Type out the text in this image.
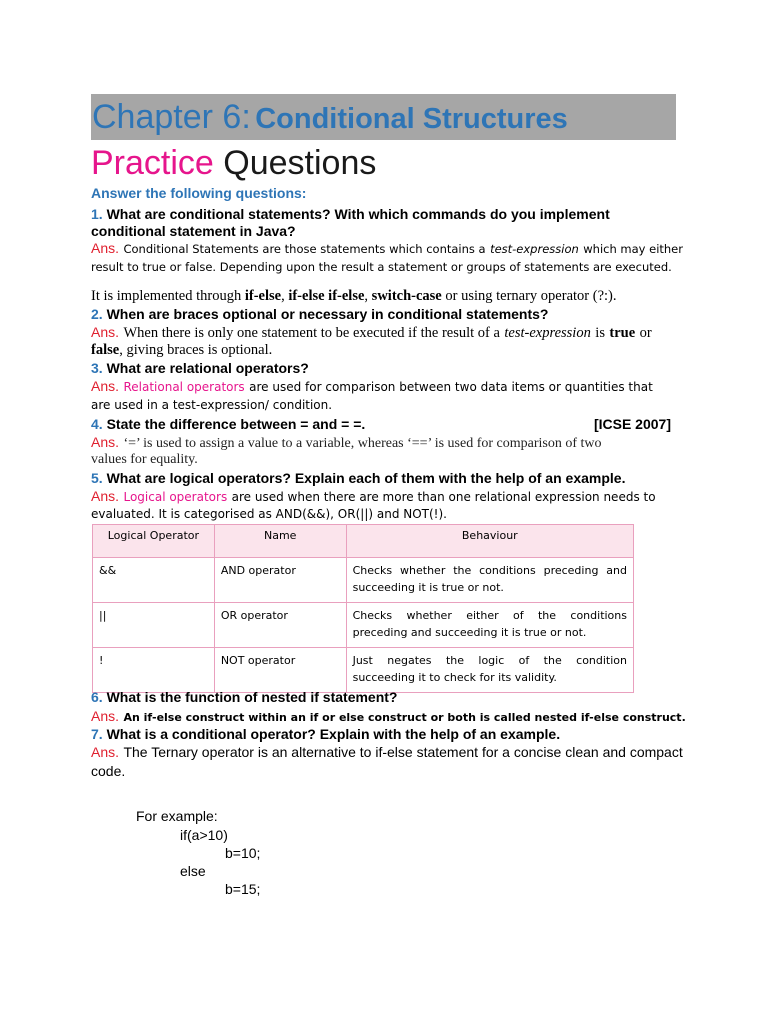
Chapter 6: Conditional Structures
Practice Questions
Answer the following questions:
1. What are conditional statements? With which commands do you implement
conditional statement in Java?
Ans. Conditional Statements are those statements which contains a test-expression which may either
result to true or false. Depending upon the result a statement or groups of statements are executed.
It is implemented through if-else, if-else if-else, switch-case or using ternary operator (?:).
2. When are braces optional or necessary in conditional statements?
Ans. When there is only one statement to be executed if the result of a test-expression is true or
false, giving braces is optional.
3. What are relational operators?
Ans. Relational operators are used for comparison between two data items or quantities that
are used in a test-expression/ condition.
4. State the difference between = and = =.	[ICSE 2007]
Ans. ‘=’ is used to assign a value to a variable, whereas ‘==’ is used for comparison of two
values for equality.
5. What are logical operators? Explain each of them with the help of an example.
Ans. Logical operators are used when there are more than one relational expression needs to
evaluated. It is categorised as AND(&&), OR(||) and NOT(!).
Logical Operator	Name	Behaviour
&&	AND operator	Checks whether the conditions preceding and succeeding it is true or not.
||	OR operator	Checks whether either of the conditions preceding and succeeding it is true or not.
!	NOT operator	Just negates the logic of the condition succeeding it to check for its validity.
6. What is the function of nested if statement?
Ans. An if-else construct within an if or else construct or both is called nested if-else construct.
7. What is a conditional operator? Explain with the help of an example.
Ans. The Ternary operator is an alternative to if-else statement for a concise clean and compact
code.
For example:
if(a>10)
b=10;
else
b=15;
